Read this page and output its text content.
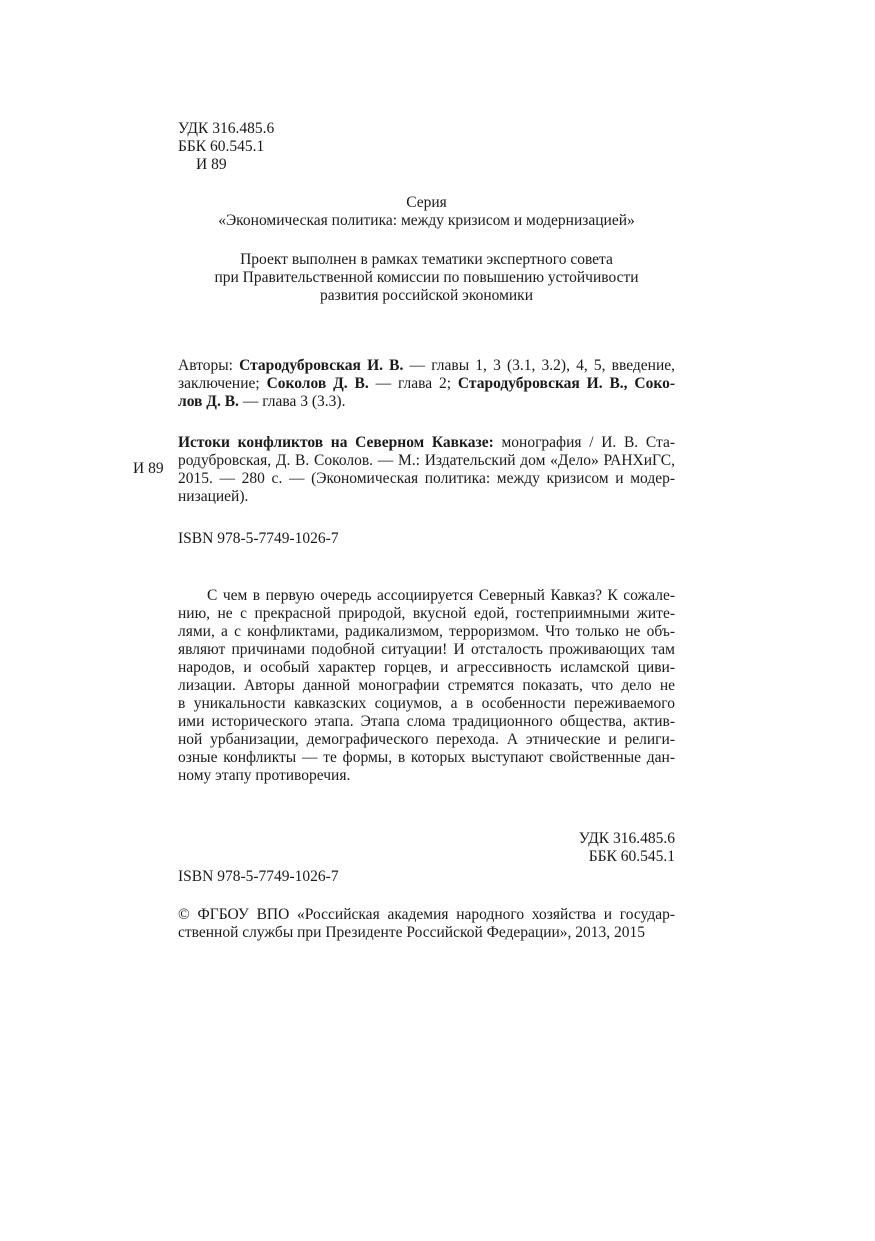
УДК 316.485.6
ББК 60.545.1
И 89
Серия
«Экономическая политика: между кризисом и модернизацией»
Проект выполнен в рамках тематики экспертного совета
при Правительственной комиссии по повышению устойчивости
развития российской экономики
Авторы: Стародубровская И. В. — главы 1, 3 (3.1, 3.2), 4, 5, введение,
заключение; Соколов Д. В. — глава 2; Стародубровская И. В., Соко-
лов Д. В. — глава 3 (3.3).
И 89
Истоки конфликтов на Северном Кавказе: монография / И. В. Ста-
родубровская, Д. В. Соколов. — М.: Издательский дом «Дело» РАНХиГС,
2015. — 280 с. — (Экономическая политика: между кризисом и модер-
низацией).
ISBN 978-5-7749-1026-7
С чем в первую очередь ассоциируется Северный Кавказ? К сожале-
нию, не с прекрасной природой, вкусной едой, гостеприимными жите-
лями, а с конфликтами, радикализмом, терроризмом. Что только не объ-
являют причинами подобной ситуации! И отсталость проживающих там
народов, и особый характер горцев, и агрессивность исламской циви-
лизации. Авторы данной монографии стремятся показать, что дело не
в уникальности кавказских социумов, а в особенности переживаемого
ими исторического этапа. Этапа слома традиционного общества, актив-
ной урбанизации, демографического перехода. А этнические и религи-
озные конфликты — те формы, в которых выступают свойственные дан-
ному этапу противоречия.
УДК 316.485.6
ББК 60.545.1
ISBN 978-5-7749-1026-7
© ФГБОУ ВПО «Российская академия народного хозяйства и государ-
ственной службы при Президенте Российской Федерации», 2013, 2015
